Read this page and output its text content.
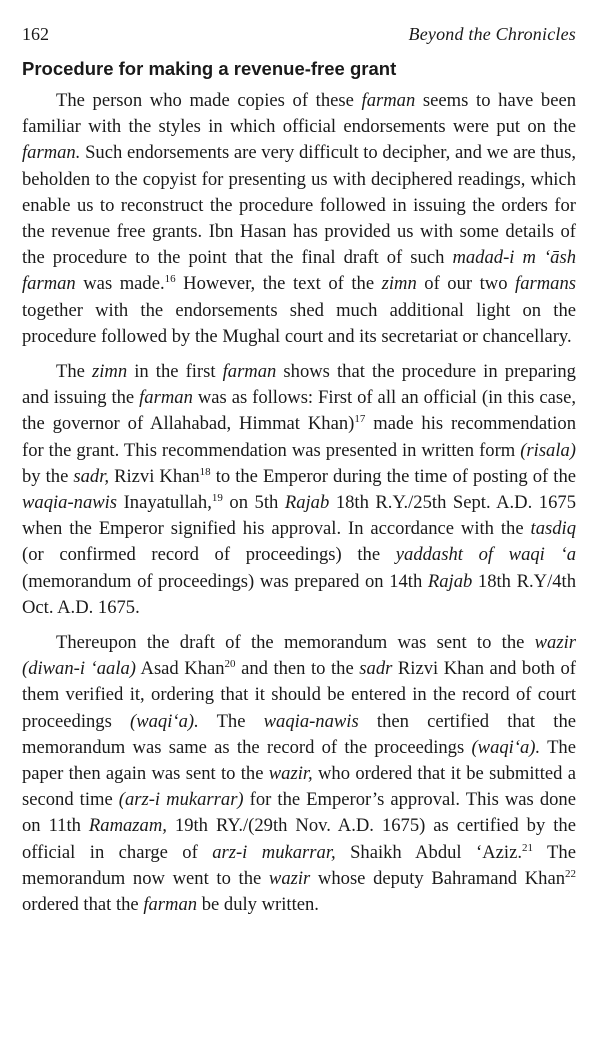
162	Beyond the Chronicles
Procedure for making a revenue-free grant

The person who made copies of these farman seems to have been familiar with the styles in which official endorsements were put on the farman. Such endorsements are very difficult to decipher, and we are thus, beholden to the copyist for presenting us with deciphered readings, which enable us to reconstruct the procedure followed in issuing the orders for the revenue free grants. Ibn Hasan has provided us with some details of the procedure to the point that the final draft of such madad-i m ‘āsh farman was made.$^{16}$ However, the text of the zimn of our two farmans together with the endorsements shed much additional light on the procedure followed by the Mughal court and its secretariat or chancellary.

The zimn in the first farman shows that the procedure in preparing and issuing the farman was as follows: First of all an official (in this case, the governor of Allahabad, Himmat Khan)$^{17}$ made his recommendation for the grant. This recommendation was presented in written form (risala) by the sadr, Rizvi Khan$^{18}$ to the Emperor during the time of posting of the waqia-nawis Inayatullah,$^{19}$ on 5th Rajab 18th R.Y./25th Sept. A.D. 1675 when the Emperor signified his approval. In accordance with the tasdiq (or confirmed record of proceedings) the yaddasht of waqi ‘a (memorandum of proceedings) was prepared on 14th Rajab 18th R.Y/4th Oct. A.D. 1675.

Thereupon the draft of the memorandum was sent to the wazir (diwan-i ‘aala) Asad Khan$^{20}$ and then to the sadr Rizvi Khan and both of them verified it, ordering that it should be entered in the record of court proceedings (waqi‘a). The waqia-nawis then certified that the memorandum was same as the record of the proceedings (waqi‘a). The paper then again was sent to the wazir, who ordered that it be submitted a second time (arz-i mukarrar) for the Emperor’s approval. This was done on 11th Ramazam, 19th RY./(29th Nov. A.D. 1675) as certified by the official in charge of arz-i mukarrar, Shaikh Abdul ‘Aziz.$^{21}$ The memorandum now went to the wazir whose deputy Bahramand Khan$^{22}$ ordered that the farman be duly written.
